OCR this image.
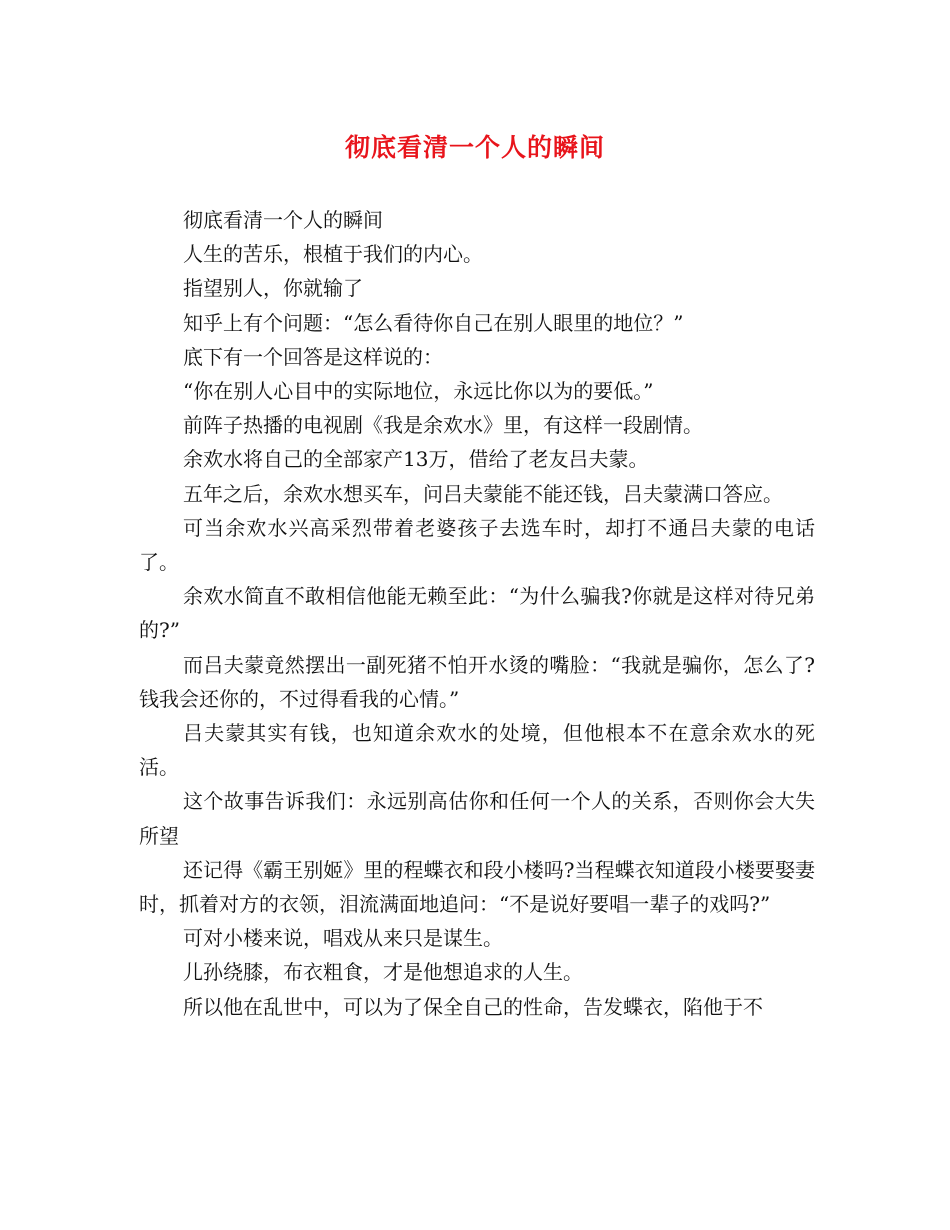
彻底看清一个人的瞬间

彻底看清一个人的瞬间

人生的苦乐，根植于我们的内心。

指望别人，你就输了

知乎上有个问题：“怎么看待你自己在别人眼里的地位？”

底下有一个回答是这样说的：

“你在别人心目中的实际地位，永远比你以为的要低。”

前阵子热播的电视剧《我是余欢水》里，有这样一段剧情。

余欢水将自己的全部家产13万，借给了老友吕夫蒙。

五年之后，余欢水想买车，问吕夫蒙能不能还钱，吕夫蒙满口答应。

可当余欢水兴高采烈带着老婆孩子去选车时，却打不通吕夫蒙的电话了。

余欢水简直不敢相信他能无赖至此：“为什么骗我?你就是这样对待兄弟的?”

而吕夫蒙竟然摆出一副死猪不怕开水烫的嘴脸：“我就是骗你，怎么了?钱我会还你的，不过得看我的心情。”

吕夫蒙其实有钱，也知道余欢水的处境，但他根本不在意余欢水的死活。

这个故事告诉我们：永远别高估你和任何一个人的关系，否则你会大失所望

还记得《霸王别姬》里的程蝶衣和段小楼吗?当程蝶衣知道段小楼要娶妻时，抓着对方的衣领，泪流满面地追问：“不是说好要唱一辈子的戏吗?”

可对小楼来说，唱戏从来只是谋生。

儿孙绕膝，布衣粗食，才是他想追求的人生。

所以他在乱世中，可以为了保全自己的性命，告发蝶衣，陷他于不
